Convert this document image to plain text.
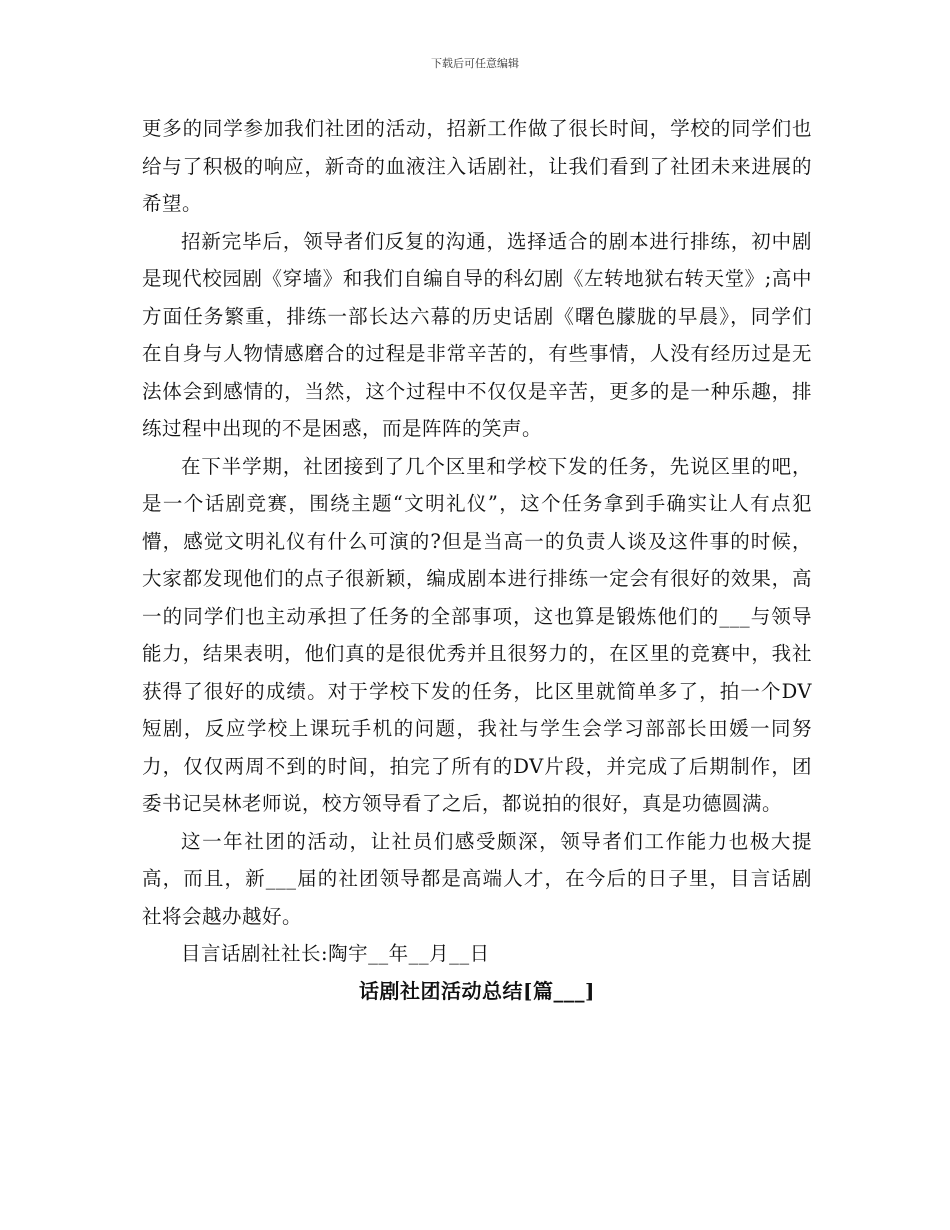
下载后可任意编辑

更多的同学参加我们社团的活动，招新工作做了很长时间，学校的同学们也给与了积极的响应，新奇的血液注入话剧社，让我们看到了社团未来进展的希望。

招新完毕后，领导者们反复的沟通，选择适合的剧本进行排练，初中剧是现代校园剧《穿墙》和我们自编自导的科幻剧《左转地狱右转天堂》;高中方面任务繁重，排练一部长达六幕的历史话剧《曙色朦胧的早晨》，同学们在自身与人物情感磨合的过程是非常辛苦的，有些事情，人没有经历过是无法体会到感情的，当然，这个过程中不仅仅是辛苦，更多的是一种乐趣，排练过程中出现的不是困惑，而是阵阵的笑声。

在下半学期，社团接到了几个区里和学校下发的任务，先说区里的吧，是一个话剧竞赛，围绕主题“文明礼仪”，这个任务拿到手确实让人有点犯懵，感觉文明礼仪有什么可演的?但是当高一的负责人谈及这件事的时候，大家都发现他们的点子很新颖，编成剧本进行排练一定会有很好的效果，高一的同学们也主动承担了任务的全部事项，这也算是锻炼他们的___与领导能力，结果表明，他们真的是很优秀并且很努力的，在区里的竞赛中，我社获得了很好的成绩。对于学校下发的任务，比区里就简单多了，拍一个DV短剧，反应学校上课玩手机的问题，我社与学生会学习部部长田媛一同努力，仅仅两周不到的时间，拍完了所有的DV片段，并完成了后期制作，团委书记吴林老师说，校方领导看了之后，都说拍的很好，真是功德圆满。

这一年社团的活动，让社员们感受颇深，领导者们工作能力也极大提高，而且，新___届的社团领导都是高端人才，在今后的日子里，目言话剧社将会越办越好。

目言话剧社社长:陶宇__年__月__日

话剧社团活动总结[篇___]
